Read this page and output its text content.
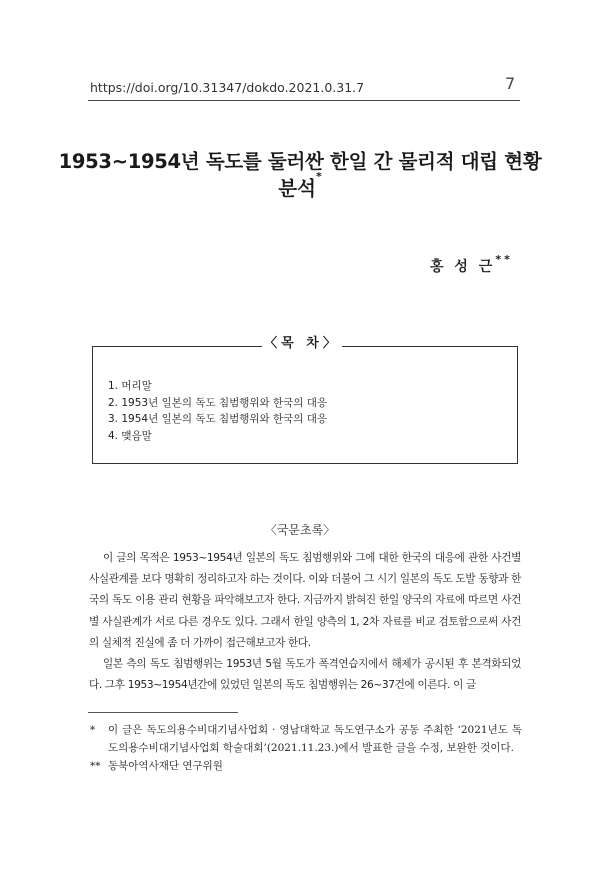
https://doi.org/10.31347/dokdo.2021.0.31.7	7
1953~1954년 독도를 둘러싼 한일 간 물리적 대립 현황
분석*
홍 성 근**
〈목 차〉
1. 머리말
2. 1953년 일본의 독도 침범행위와 한국의 대응
3. 1954년 일본의 독도 침범행위와 한국의 대응
4. 맺음말
〈국문초록〉

이 글의 목적은 1953~1954년 일본의 독도 침범행위와 그에 대한 한국의 대응에 관한 사건별 사실관계를 보다 명확히 정리하고자 하는 것이다. 이와 더불어 그 시기 일본의 독도 도발 동향과 한국의 독도 이용 관리 현황을 파악해보고자 한다. 지금까지 밝혀진 한일 양국의 자료에 따르면 사건별 사실관계가 서로 다른 경우도 있다. 그래서 한일 양측의 1, 2차 자료를 비교 검토함으로써 사건의 실체적 진실에 좀 더 가까이 접근해보고자 한다.

일본 측의 독도 침범행위는 1953년 5월 독도가 폭격연습지에서 해제가 공시된 후 본격화되었다. 그후 1953~1954년간에 있었던 일본의 독도 침범행위는 26~37건에 이른다. 이 글

*	이 글은 독도의용수비대기념사업회 · 영남대학교 독도연구소가 공동 주최한 ‘2021년도 독도의용수비대기념사업회 학술대회’(2021.11.23.)에서 발표한 글을 수정, 보완한 것이다.
** 동북아역사재단 연구위원
